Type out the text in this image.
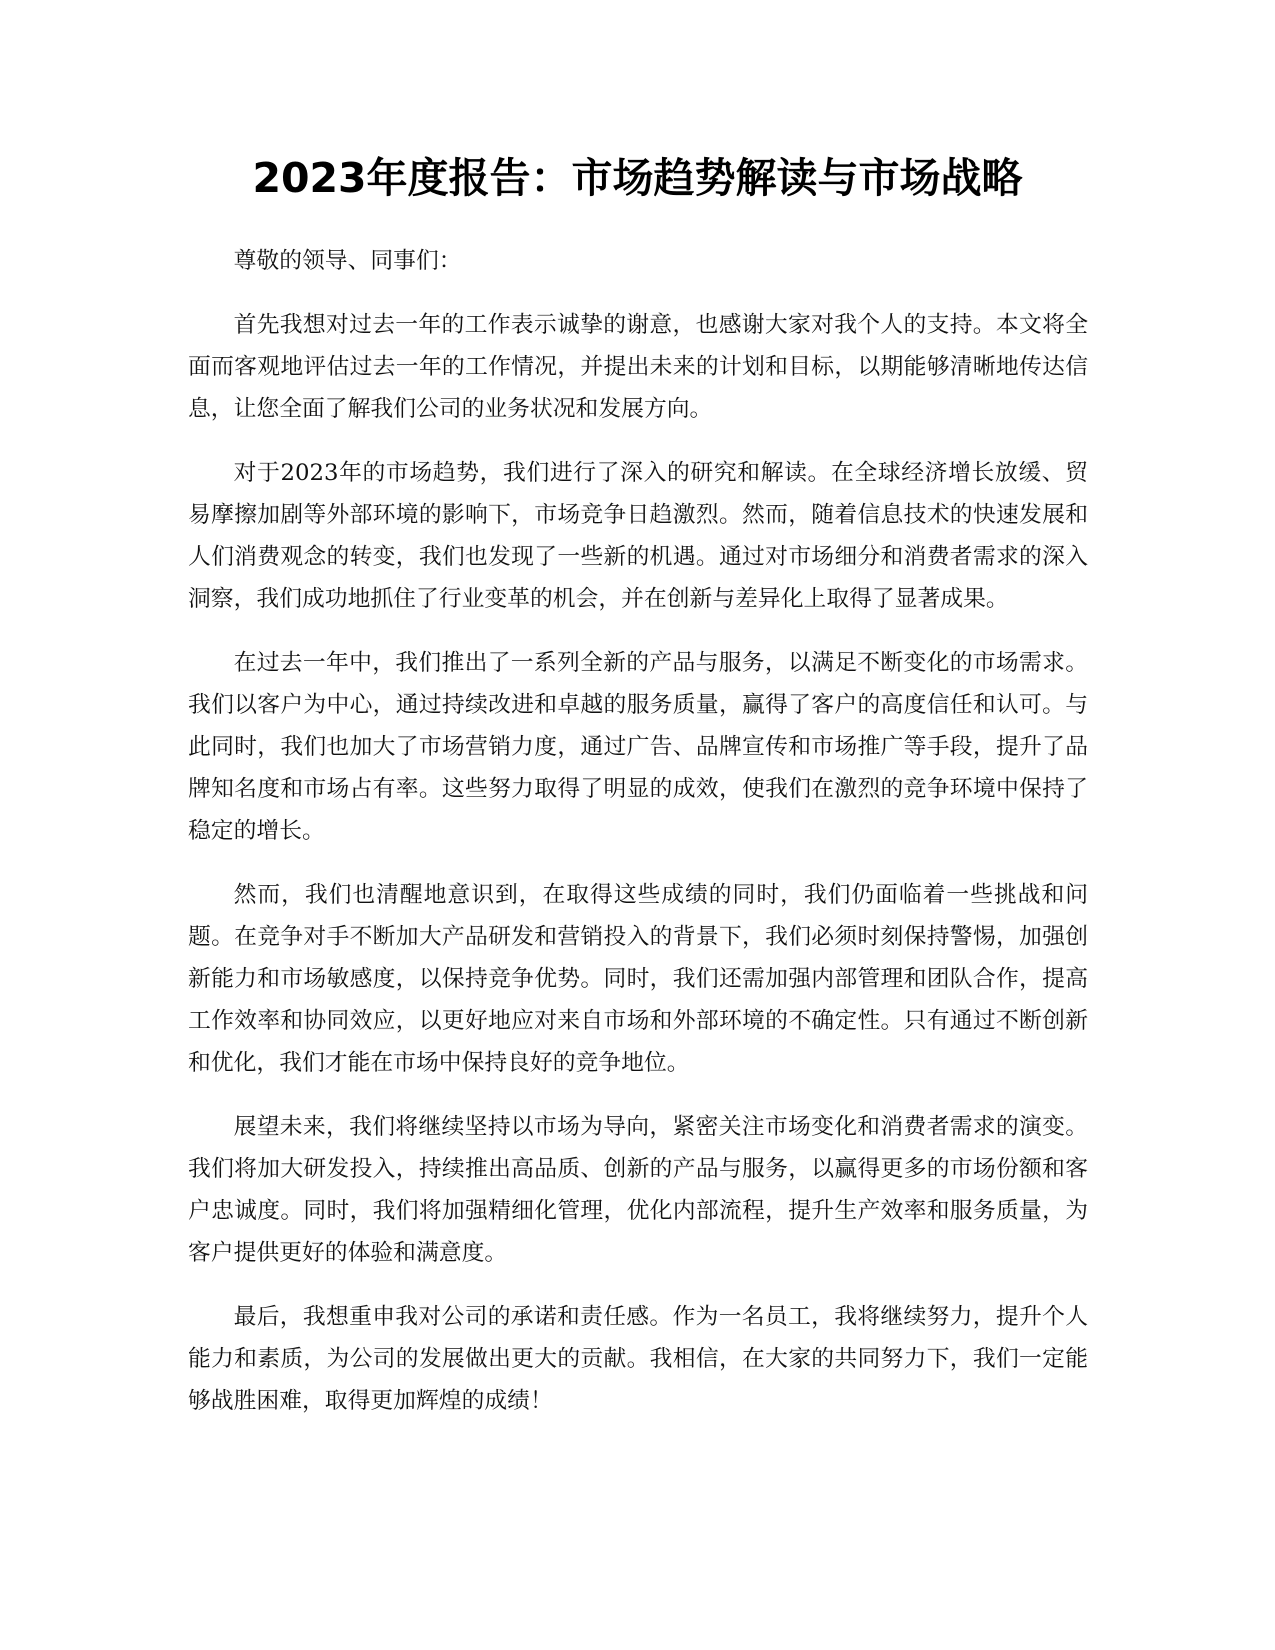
2023年度报告：市场趋势解读与市场战略

尊敬的领导、同事们：

首先我想对过去一年的工作表示诚挚的谢意，也感谢大家对我个人的支持。本文将全面而客观地评估过去一年的工作情况，并提出未来的计划和目标，以期能够清晰地传达信息，让您全面了解我们公司的业务状况和发展方向。

对于2023年的市场趋势，我们进行了深入的研究和解读。在全球经济增长放缓、贸易摩擦加剧等外部环境的影响下，市场竞争日趋激烈。然而，随着信息技术的快速发展和人们消费观念的转变，我们也发现了一些新的机遇。通过对市场细分和消费者需求的深入洞察，我们成功地抓住了行业变革的机会，并在创新与差异化上取得了显著成果。

在过去一年中，我们推出了一系列全新的产品与服务，以满足不断变化的市场需求。我们以客户为中心，通过持续改进和卓越的服务质量，赢得了客户的高度信任和认可。与此同时，我们也加大了市场营销力度，通过广告、品牌宣传和市场推广等手段，提升了品牌知名度和市场占有率。这些努力取得了明显的成效，使我们在激烈的竞争环境中保持了稳定的增长。

然而，我们也清醒地意识到，在取得这些成绩的同时，我们仍面临着一些挑战和问题。在竞争对手不断加大产品研发和营销投入的背景下，我们必须时刻保持警惕，加强创新能力和市场敏感度，以保持竞争优势。同时，我们还需加强内部管理和团队合作，提高工作效率和协同效应，以更好地应对来自市场和外部环境的不确定性。只有通过不断创新和优化，我们才能在市场中保持良好的竞争地位。

展望未来，我们将继续坚持以市场为导向，紧密关注市场变化和消费者需求的演变。我们将加大研发投入，持续推出高品质、创新的产品与服务，以赢得更多的市场份额和客户忠诚度。同时，我们将加强精细化管理，优化内部流程，提升生产效率和服务质量，为客户提供更好的体验和满意度。

最后，我想重申我对公司的承诺和责任感。作为一名员工，我将继续努力，提升个人能力和素质，为公司的发展做出更大的贡献。我相信，在大家的共同努力下，我们一定能够战胜困难，取得更加辉煌的成绩！
